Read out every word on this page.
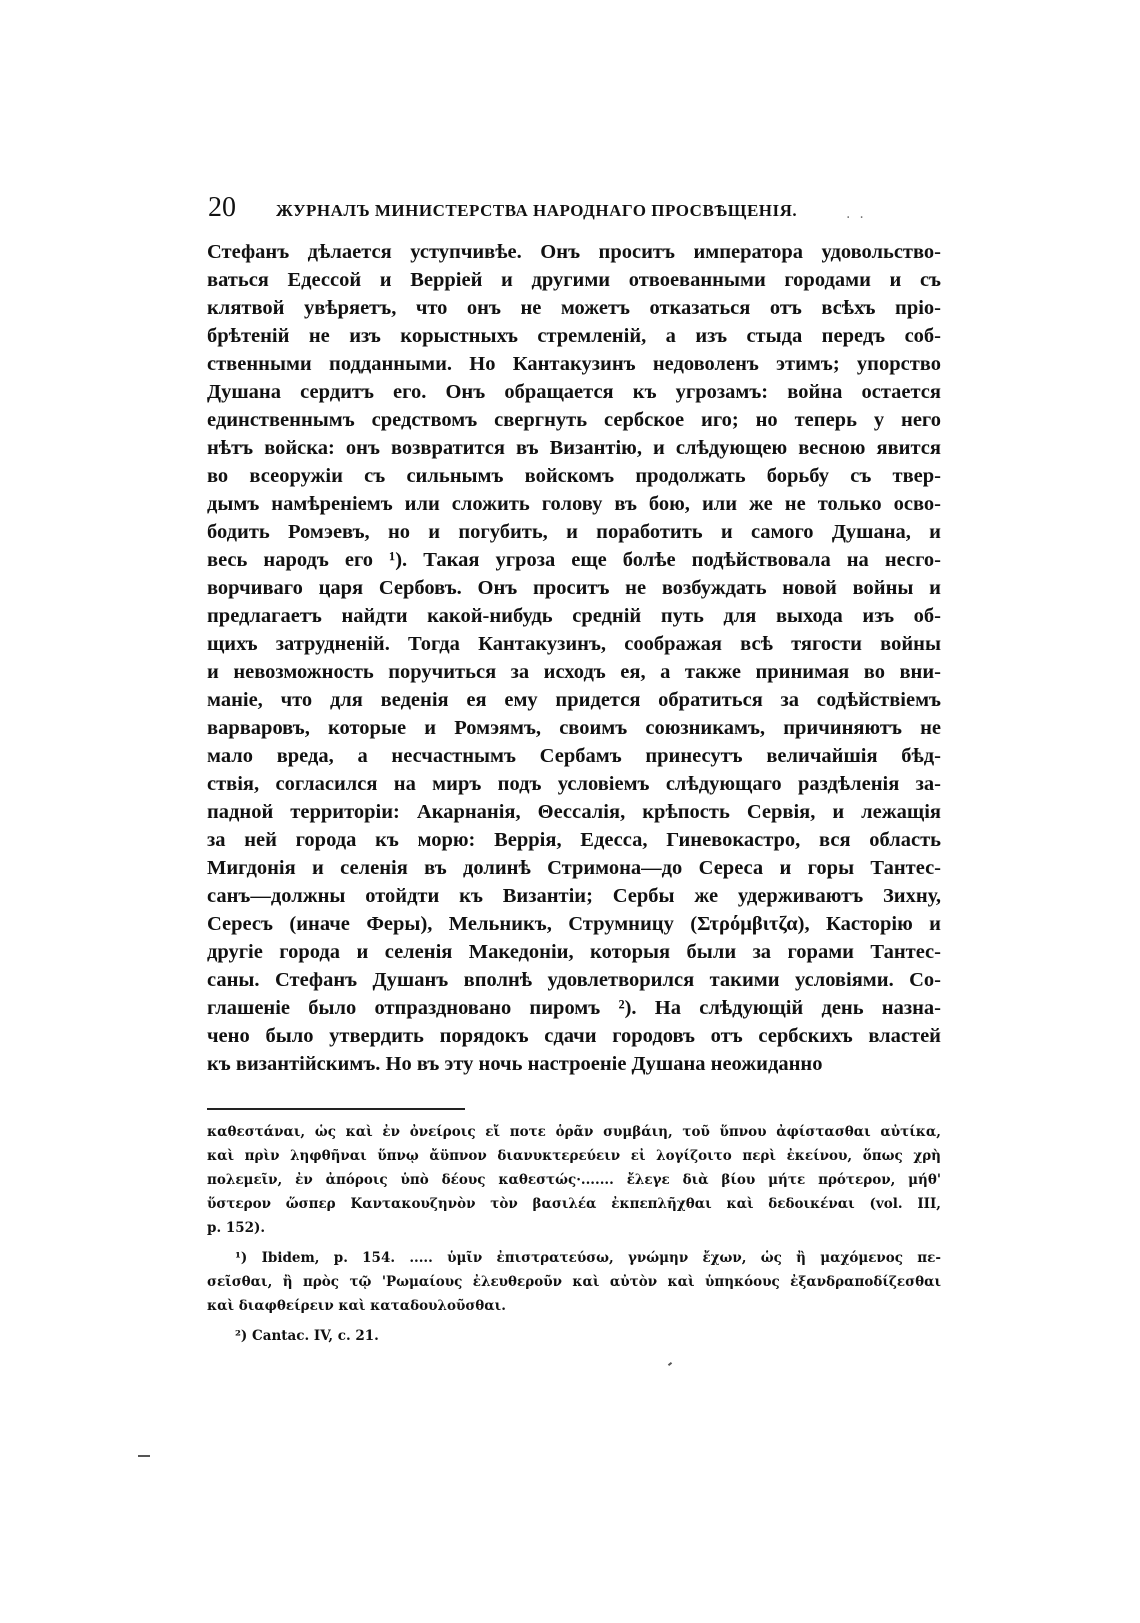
20	ЖУРНАЛЪ МИНИСТЕРСТВА НАРОДНАГО ПРОСВѢЩЕНІЯ.	.  .
Стефанъ дѣлается уступчивѣе. Онъ проситъ императора удовольство-
ваться Едессой и Верріей и другими отвоеванными городами и съ
клятвой увѣряетъ, что онъ не можетъ отказаться отъ всѣхъ пріо-
брѣтеній не изъ корыстныхъ стремленій, а изъ стыда передъ соб-
ственными подданными. Но Кантакузинъ недоволенъ этимъ; упорство
Душана сердитъ его. Онъ обращается къ угрозамъ: война остается
единственнымъ средствомъ свергнуть сербское иго; но теперь у него
нѣтъ войска: онъ возвратится въ Византію, и слѣдующею весною явится
во всеоружіи съ сильнымъ войскомъ продолжать борьбу съ твер-
дымъ намѣреніемъ или сложить голову въ бою, или же не только осво-
бодить Ромэевъ, но и погубить, и поработить и самого Душана, и
весь народъ его ¹). Такая угроза еще болѣе подѣйствовала на несго-
ворчиваго царя Сербовъ. Онъ проситъ не возбуждать новой войны и
предлагаетъ найдти какой-нибудь средній путь для выхода изъ об-
щихъ затрудненій. Тогда Кантакузинъ, соображая всѣ тягости войны
и невозможность поручиться за исходъ ея, а также принимая во вни-
маніе, что для веденія ея ему придется обратиться за содѣйствіемъ
варваровъ, которые и Ромэямъ, своимъ союзникамъ, причиняютъ не
мало вреда, а несчастнымъ Сербамъ принесутъ величайшія бѣд-
ствія, согласился на миръ подъ условіемъ слѣдующаго раздѣленія за-
падной территоріи: Акарнанія, Θессалія, крѣпость Сервія, и лежащія
за ней города къ морю: Веррія, Едесса, Гиневокастро, вся область
Мигдонія и селенія въ долинѣ Стримона—до Сереса и горы Тантес-
санъ—должны отойдти къ Византіи; Сербы же удерживаютъ Зихну,
Сересъ (иначе Феры), Мельникъ, Струмницу (Στρόμβιτζα), Касторію и
другіе города и селенія Македоніи, которыя были за горами Тантес-
саны. Стефанъ Душанъ вполнѣ удовлетворился такими условіями. Со-
глашеніе было отпраздновано пиромъ ²). На слѣдующій день назна-
чено было утвердить порядокъ сдачи городовъ отъ сербскихъ властей
къ византійскимъ. Но въ эту ночь настроеніе Душана неожиданно
καθεστάναι, ὡς καὶ ἐν ὀνείροις εἴ ποτε ὁρᾶν συμβάιη, τοῦ ὕπνου ἀφίστασθαι αὐτίκα,
καὶ πρὶν ληφθῆναι ὕπνῳ ἄϋπνον διανυκτερεύειν εἰ λογίζοιτο περὶ ἐκείνου, ὅπως χρὴ
πολεμεῖν, ἐν ἀπόροις ὑπὸ δέους καθεστώς·....... ἔλεγε διὰ βίου μήτε πρότερον, μήθ'
ὕστερον ὥσπερ Καντακουζηνὸν τὸν βασιλέα ἐκπεπλῆχθαι καὶ δεδοικέναι (vol. III,
p. 152).
¹) Ibidem, p. 154. ..... ὑμῖν ἐπιστρατεύσω, γνώμην ἔχων, ὡς ἢ μαχόμενος πε-
σεῖσθαι, ἢ πρὸς τῷ 'Ρωμαίους ἐλευθεροῦν καὶ αὐτὸν καὶ ὑπηκόους ἐξανδραποδίζεσθαι
καὶ διαφθείρειν καὶ καταδουλοῦσθαι.
²) Cantac. IV, c. 21.
